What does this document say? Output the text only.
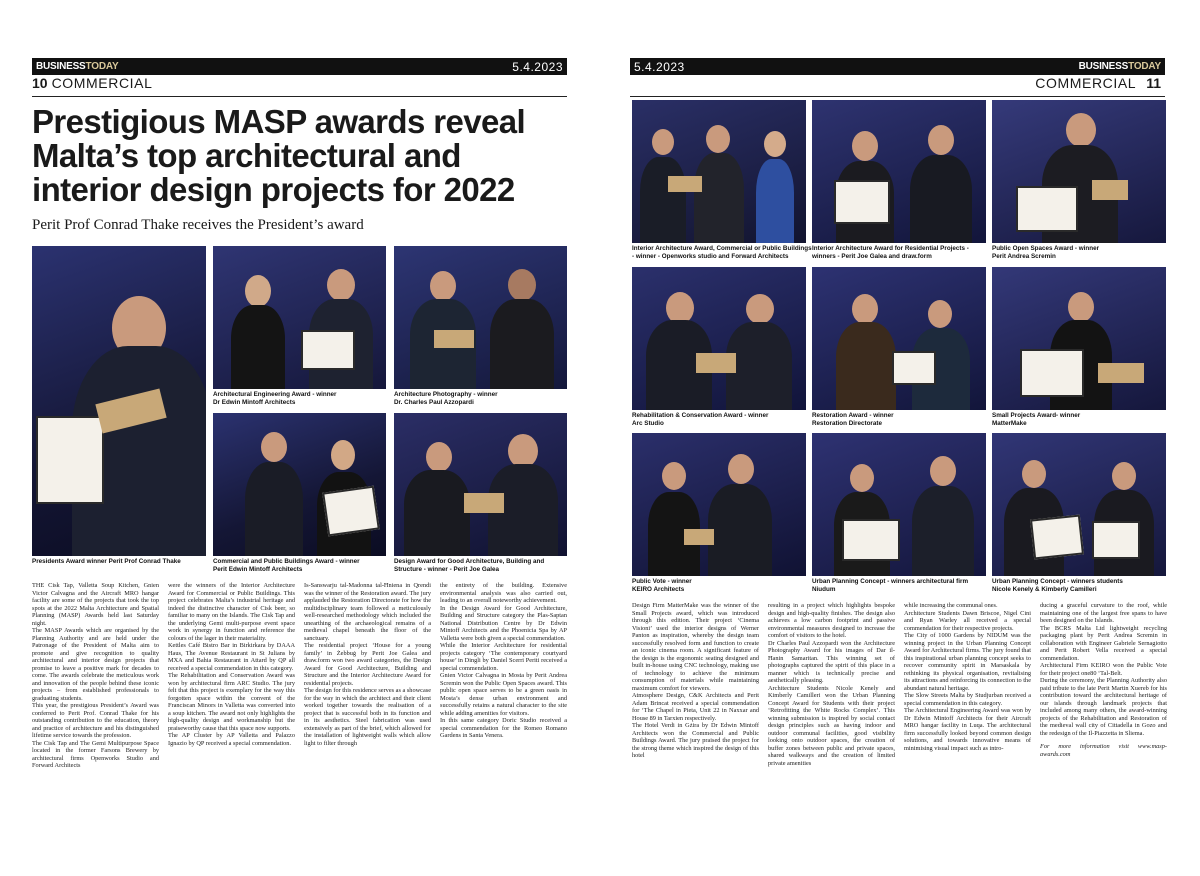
BUSINESSTODAY	5.4.2023
10 COMMERCIAL
Prestigious MASP awards reveal Malta’s top architectural and interior design projects for 2022

Perit Prof Conrad Thake receives the President’s award

Presidents Award winner Perit Prof Conrad Thake
Architectural Engineering Award - winner
Dr Edwin Mintoff Architects
Architecture Photography - winner
Dr. Charles Paul Azzopardi
Commercial and Public Buildings Award - winner
Perit Edwin Mintoff Architects
Design Award for Good Architecture, Building and
Structure - winner - Perit Joe Galea

THE Cisk Tap, Valletta Soup Kitchen, Gnien Victor Calvagna and the Aircraft MRO hangar facility are some of the projects that took the top spots at the 2022 Malta Architecture and Spatial Planning (MASP) Awards held last Saturday night.

The MASP Awards which are organised by the Planning Authority and are held under the Patronage of the President of Malta aim to promote and give recognition to quality architectural and interior design projects that promise to leave a positive mark for decades to come. The awards celebrate the meticulous work and innovation of the people behind these iconic projects – from established professionals to graduating students.

This year, the prestigious President’s Award was conferred to Perit Prof. Conrad Thake for his outstanding contribution to the education, theory and practice of architecture and his distinguished lifetime service towards the profession.

The Cisk Tap and The Gemi Multipurpose Space located in the former Farsons Brewery by architectural firms Openworks Studio and Forward Architects

were the winners of the Interior Architecture Award for Commercial or Public Buildings. This project celebrates Malta’s industrial heritage and indeed the distinctive character of Cisk beer, so familiar to many on the Islands. The Cisk Tap and the underlying Gemi multi-purpose event space work in synergy in function and reference the colours of the lager in their materiality.

Kettles Café Bistro Bar in Birkirkara by DAAA Haus, The Avenue Restaurant in St Julians by MXA and Bahia Restaurant in Attard by QP all received a special commendation in this category.

The Rehabilitation and Conservation Award was won by architectural firm ARC Studio. The jury felt that this project is exemplary for the way this forgotten space within the convent of the Franciscan Minors in Valletta was converted into a soup kitchen. The award not only highlights the high-quality design and workmanship but the praiseworthy cause that this space now supports.

The AP Cluster by AP Valletta and Palazzo Ignazio by QP received a special commendation.

Is-Sanswarju tal-Madonna tal-Ħniena in Qrendi was the winner of the Restoration award. The jury applauded the Restoration Directorate for how the multidisciplinary team followed a meticulously well-researched methodology which included the unearthing of the archaeological remains of a medieval chapel beneath the floor of the sanctuary.

The residential project ‘House for a young family’ in Żebbuġ by Perit Joe Galea and draw.form won two award categories, the Design Award for Good Architecture, Building and Structure and the Interior Architecture Award for residential projects.

The design for this residence serves as a showcase for the way in which the architect and their client worked together towards the realisation of a project that is successful both in its function and in its aesthetics. Steel fabrication was used extensively as part of the brief, which allowed for the installation of lightweight walls which allow light to filter through

the entirety of the building. Extensive environmental analysis was also carried out, leading to an overall noteworthy achievement.

In the Design Award for Good Architecture, Building and Structure category the Plas-Saptan National Distribution Centre by Dr Edwin Mintoff Architects and the Phoenicia Spa by AP Valletta were both given a special commendation.

While the Interior Architecture for residential projects category ‘The contemporary courtyard house’ in Dingli by Daniel Scerri Periti received a special commendation.

Gnien Victor Calvagna in Mosta by Perit Andrea Scremin won the Public Open Spaces award. This public open space serves to be a green oasis in Mosta’s dense urban environment and successfully retains a natural character to the site while adding amenities for visitors.

In this same category Doric Studio received a special commendation for the Romeo Romano Gardens in Santa Venera.

5.4.2023	BUSINESSTODAY
COMMERCIAL 11
Interior Architecture Award, Commercial or Public Buildings
- winner - Openworks studio and Forward Architects
Interior Architecture Award for Residential Projects -
winners - Perit Joe Galea and draw.form
Public Open Spaces Award - winner
Perit Andrea Scremin
Rehabilitation & Conservation Award - winner
Arc Studio
Restoration Award - winner
Restoration Directorate
Small Projects Award- winner
MatterMake
Public Vote - winner
KEIRO Architects
Urban Planning Concept - winners architectural firm
Niudum
Urban Planning Concept - winners students
Nicole Kenely & Kimberly Camilleri

Design Firm MatterMake was the winner of the Small Projects award, which was introduced through this edition. Their project ‘Cinema Visioni’ used the interior designs of Werner Panton as inspiration, whereby the design team successfully resolved form and function to create an iconic cinema room. A significant feature of the design is the ergonomic seating designed and built in-house using CNC technology, making use of technology to achieve the minimum consumption of materials while maintaining maximum comfort for viewers.

Atmosphere Design, C&K Architects and Perit Adam Brincat received a special commendation for ‘The Chapel in Pieta, Unit 22 in Naxxar and House 89 in Tarxien respectively.

The Hotel Verdi in Gżira by Dr Edwin Mintoff Architects won the Commercial and Public Buildings Award. The jury praised the project for the strong theme which inspired the design of this hotel

resulting in a project which highlights bespoke design and high-quality finishes. The design also achieves a low carbon footprint and passive environmental measures designed to increase the comfort of visitors to the hotel.

Dr Charles Paul Azzopardi won the Architecture Photography Award for his images of Dar il-Ħanin Samaritan. This winning set of photographs captured the spirit of this place in a manner which is technically precise and aesthetically pleasing.

Architecture Students Nicole Kenely and Kimberly Camilleri won the Urban Planning Concept Award for Students with their project ‘Retrofitting the White Rocks Complex’. This winning submission is inspired by social contact design principles such as having indoor and outdoor communal facilities, good visibility looking onto outdoor spaces, the creation of buffer zones between public and private spaces, shared walkways and the creation of limited private amenities

while increasing the communal ones.

Architecture Students Dawn Briscoe, Nigel Cini and Ryan Warley all received a special commendation for their respective projects.

The City of 1000 Gardens by NIDUM was the winning project in the Urban Planning Concept Award for Architectural firms. The jury found that this inspirational urban planning concept seeks to recover community spirit in Marsaskala by rethinking its physical organisation, revitalising its attractions and reinforcing its connection to the abundant natural heritage.

The Slow Streets Malta by Studjurban received a special commendation in this category.

The Architectural Engineering Award was won by Dr Edwin Mintoff Architects for their Aircraft MRO hangar facility in Luqa. The architectural firm successfully looked beyond common design solutions, and towards innovative means of minimising visual impact such as intro-

ducing a graceful curvature to the roof, while maintaining one of the largest free spans to have been designed on the Islands.

The BCRS Malta Ltd lightweight recycling packaging plant by Perit Andrea Scremin in collaboration with Engineer Gabriele Sernagiotto and Perit Robert Vella received a special commendation.

Architectural Firm KEIRO won the Public Vote for their project one80 ‘Tal-Belt.

During the ceremony, the Planning Authority also paid tribute to the late Perit Martin Xuereb for his contribution toward the architectural heritage of our islands through landmark projects that included among many others, the award-winning projects of the Rehabilitation and Restoration of the medieval wall city of Cittadella in Gozo and the redesign of the Il-Piazzetta in Sliema.

For more information visit www.masp-awards.com
